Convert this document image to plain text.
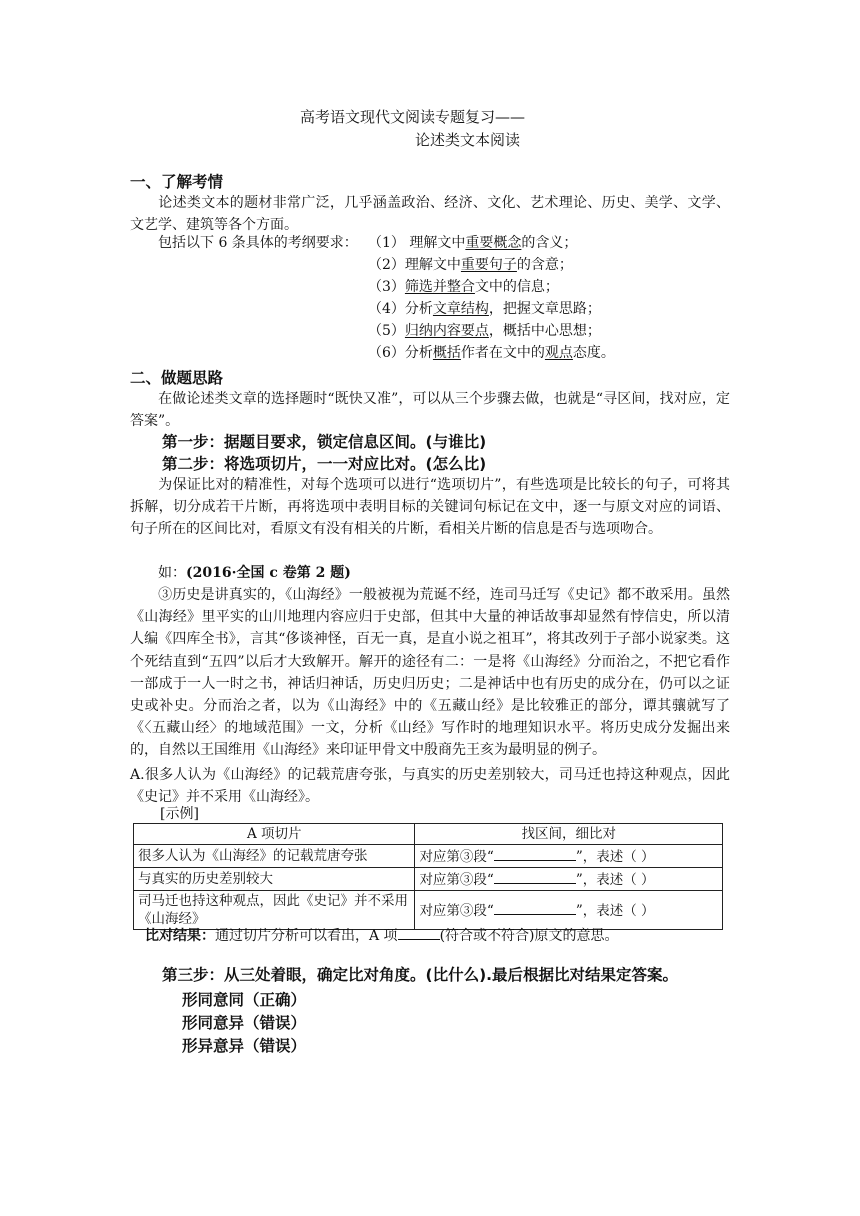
高考语文现代文阅读专题复习——
论述类文本阅读
一、了解考情
论述类文本的题材非常广泛，几乎涵盖政治、经济、文化、艺术理论、历史、美学、文学、文艺学、建筑等各个方面。
包括以下 6 条具体的考纲要求： （1） 理解文中重要概念的含义；
（2）理解文中重要句子的含意；
（3）筛选并整合文中的信息；
（4）分析文章结构，把握文章思路；
（5）归纳内容要点，概括中心思想；
（6）分析概括作者在文中的观点态度。
二、做题思路
在做论述类文章的选择题时“既快又准”，可以从三个步骤去做，也就是“寻区间，找对应，定答案”。
第一步：据题目要求，锁定信息区间。(与谁比)
第二步：将选项切片，一一对应比对。(怎么比)
为保证比对的精准性，对每个选项可以进行“选项切片”，有些选项是比较长的句子，可将其拆解，切分成若干片断，再将选项中表明目标的关键词句标记在文中，逐一与原文对应的词语、句子所在的区间比对，看原文有没有相关的片断，看相关片断的信息是否与选项吻合。
如：(2016·全国 c 卷第 2 题)
③历史是讲真实的，《山海经》一般被视为荒诞不经，连司马迁写《史记》都不敢采用。虽然《山海经》里平实的山川地理内容应归于史部，但其中大量的神话故事却显然有悖信史，所以清人编《四库全书》，言其“侈谈神怪，百无一真，是直小说之祖耳”，将其改列于子部小说家类。这个死结直到“五四”以后才大致解开。解开的途径有二：一是将《山海经》分而治之，不把它看作一部成于一人一时之书，神话归神话，历史归历史；二是神话中也有历史的成分在，仍可以之证史或补史。分而治之者，以为《山海经》中的《五藏山经》是比较雅正的部分，谭其骧就写了《〈五藏山经〉的地域范围》一文，分析《山经》写作时的地理知识水平。将历史成分发掘出来的，自然以王国维用《山海经》来印证甲骨文中殷商先王亥为最明显的例子。
A.很多人认为《山海经》的记载荒唐夸张，与真实的历史差别较大，司马迁也持这种观点，因此《史记》并不采用《山海经》。
[示例]
A 项切片	找区间，细比对
很多人认为《山海经》的记载荒唐夸张	对应第③段“ ”，表述（ ）
与真实的历史差别较大	对应第③段“ ”，表述（ ）
司马迁也持这种观点，因此《史记》并不采用《山海经》	对应第③段“ ”，表述（ ）
比对结果：通过切片分析可以看出，A 项	(符合或不符合)原文的意思。
第三步：从三处着眼，确定比对角度。(比什么).最后根据比对结果定答案。
形同意同（正确）
形同意异（错误）
形异意异（错误）
